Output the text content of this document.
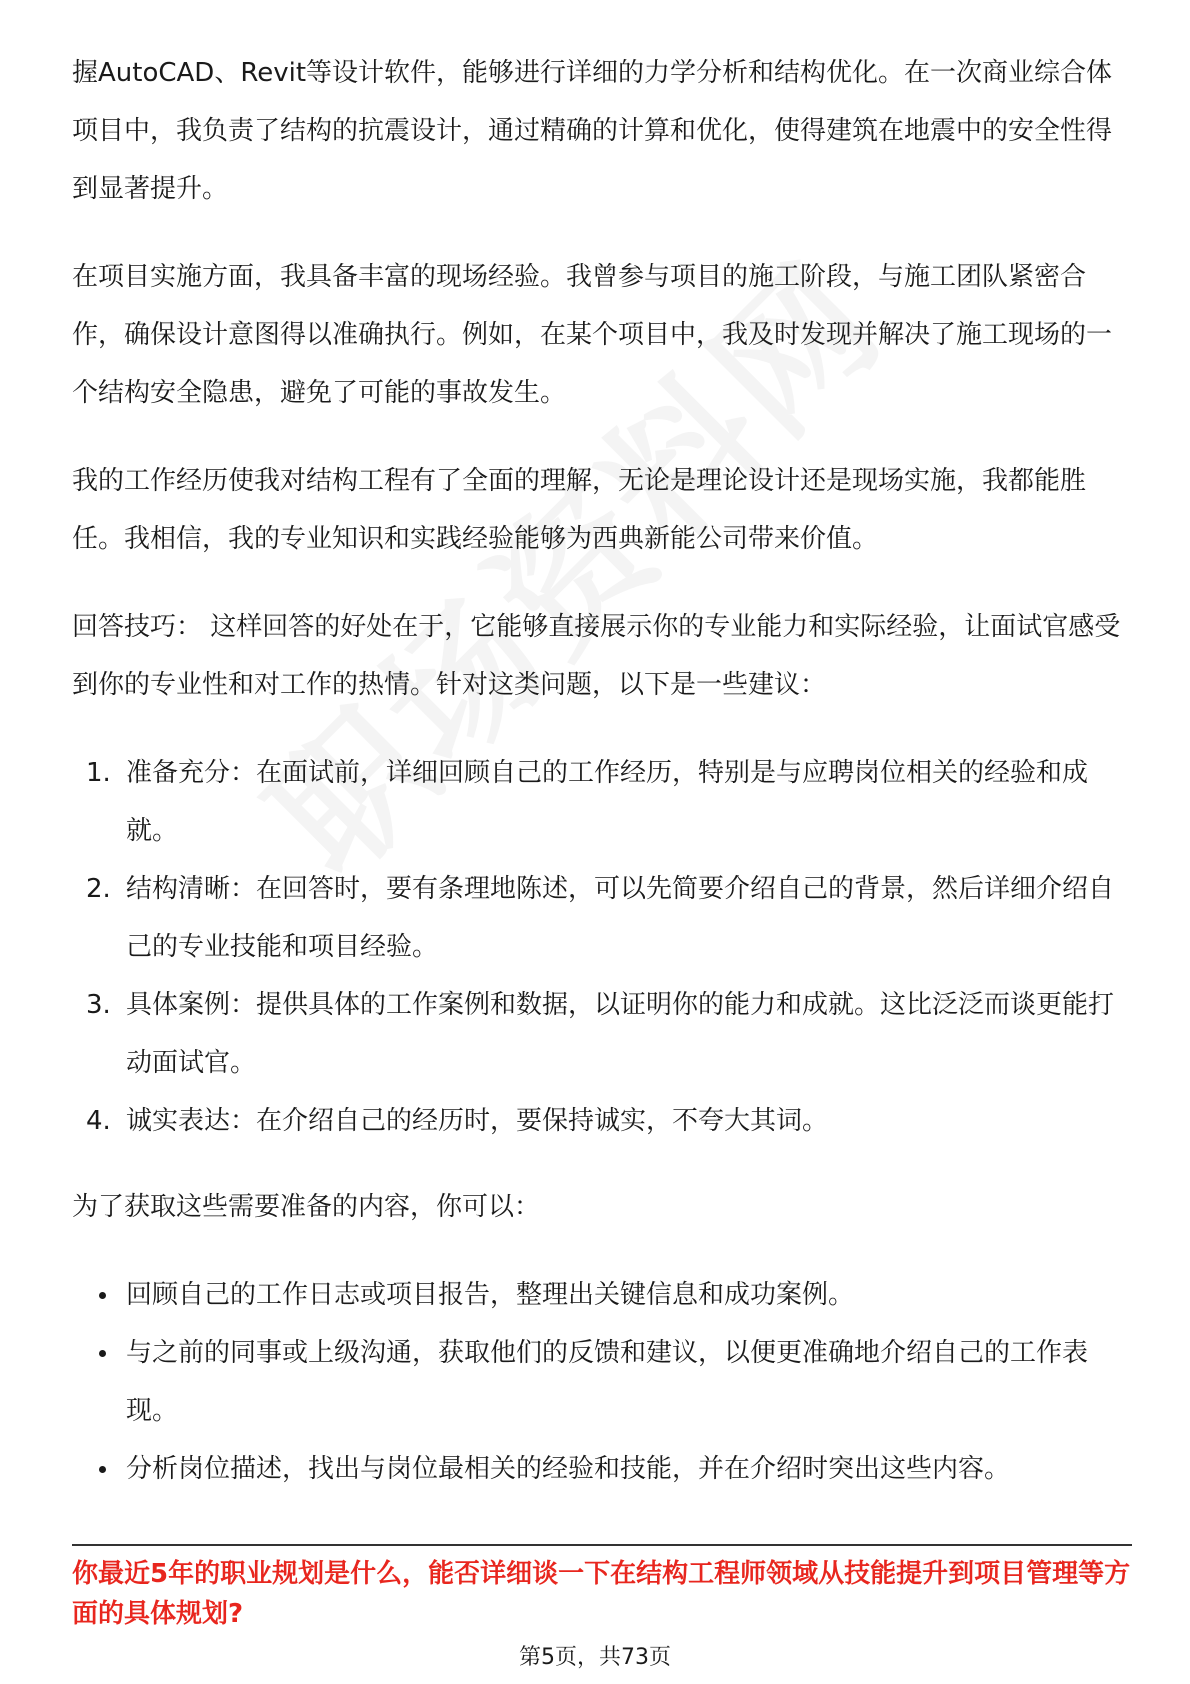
握AutoCAD、Revit等设计软件，能够进行详细的力学分析和结构优化。在一次商业综合体项目中，我负责了结构的抗震设计，通过精确的计算和优化，使得建筑在地震中的安全性得到显著提升。

在项目实施方面，我具备丰富的现场经验。我曾参与项目的施工阶段，与施工团队紧密合作，确保设计意图得以准确执行。例如，在某个项目中，我及时发现并解决了施工现场的一个结构安全隐患，避免了可能的事故发生。

我的工作经历使我对结构工程有了全面的理解，无论是理论设计还是现场实施，我都能胜任。我相信，我的专业知识和实践经验能够为西典新能公司带来价值。

回答技巧： 这样回答的好处在于，它能够直接展示你的专业能力和实际经验，让面试官感受到你的专业性和对工作的热情。针对这类问题，以下是一些建议：

1. 准备充分：在面试前，详细回顾自己的工作经历，特别是与应聘岗位相关的经验和成就。
2. 结构清晰：在回答时，要有条理地陈述，可以先简要介绍自己的背景，然后详细介绍自己的专业技能和项目经验。
3. 具体案例：提供具体的工作案例和数据，以证明你的能力和成就。这比泛泛而谈更能打动面试官。
4. 诚实表达：在介绍自己的经历时，要保持诚实，不夸大其词。

为了获取这些需要准备的内容，你可以：

回顾自己的工作日志或项目报告，整理出关键信息和成功案例。
与之前的同事或上级沟通，获取他们的反馈和建议，以便更准确地介绍自己的工作表现。
分析岗位描述，找出与岗位最相关的经验和技能，并在介绍时突出这些内容。
你最近5年的职业规划是什么，能否详细谈一下在结构工程师领域从技能提升到项目管理等方面的具体规划?
第5页，共73页
